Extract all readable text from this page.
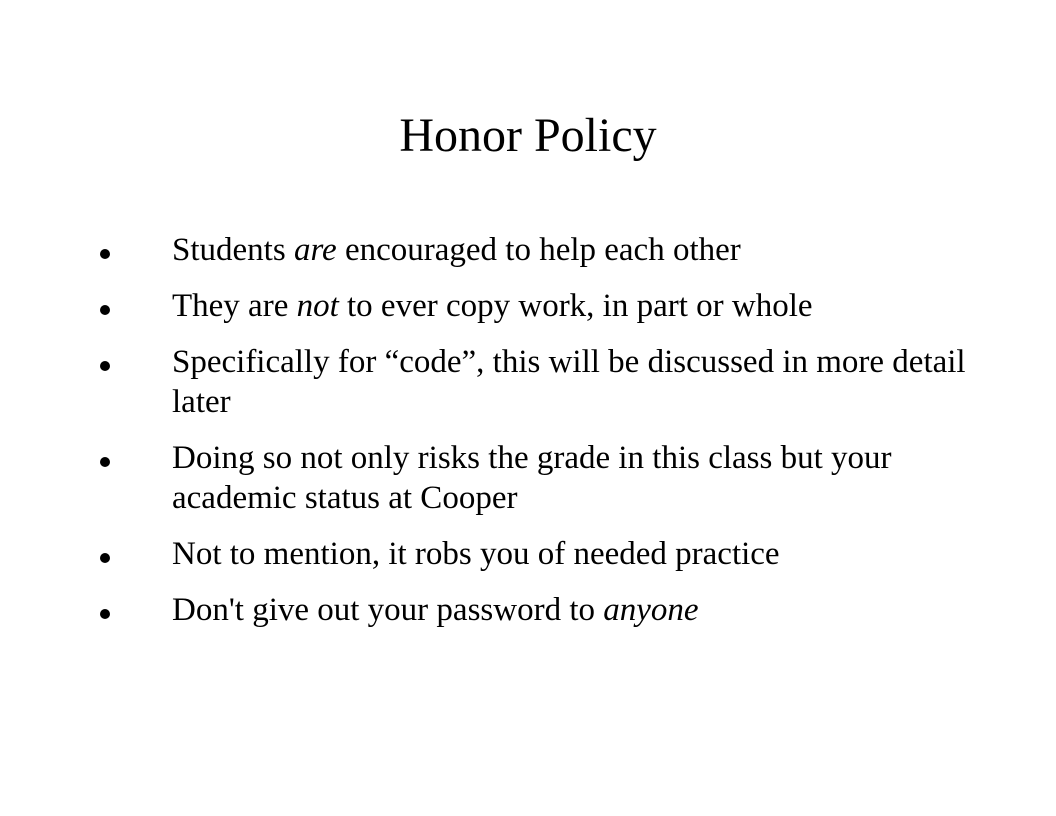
Honor Policy
Students are encouraged to help each other
They are not to ever copy work, in part or whole
Specifically for “code”, this will be discussed in more detail later
Doing so not only risks the grade in this class but your academic status at Cooper
Not to mention, it robs you of needed practice
Don't give out your password to anyone
